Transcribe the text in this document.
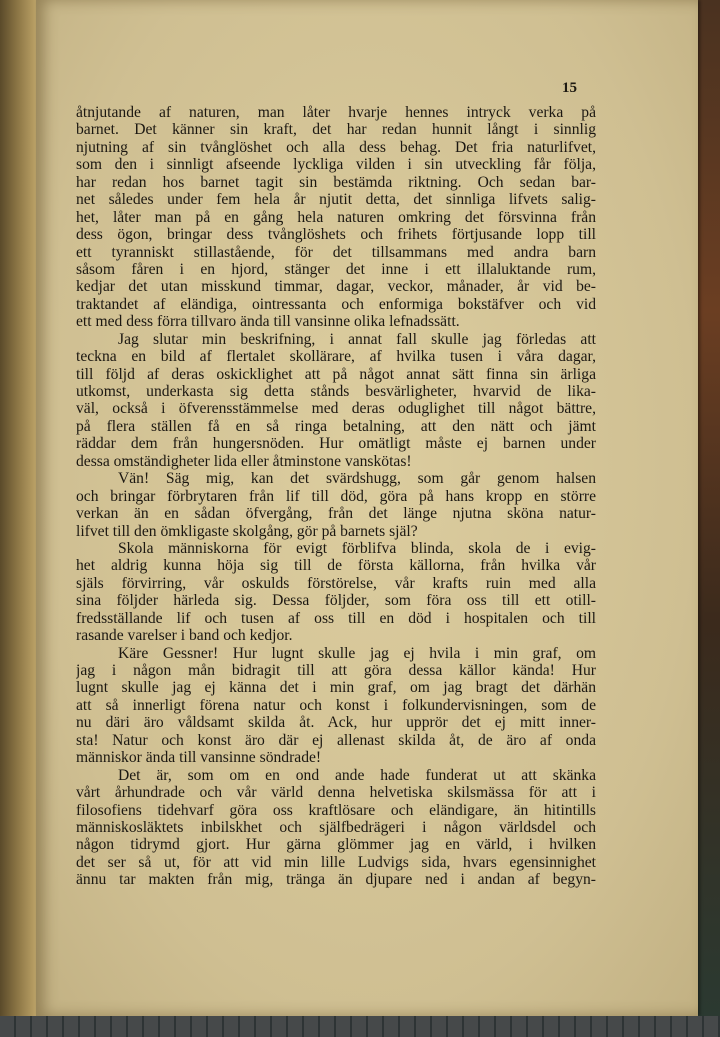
15
åtnjutande af naturen, man låter hvarje hennes intryck verka på
barnet. Det känner sin kraft, det har redan hunnit långt i sinnlig
njutning af sin tvånglöshet och alla dess behag. Det fria naturlifvet,
som den i sinnligt afseende lyckliga vilden i sin utveckling får följa,
har redan hos barnet tagit sin bestämda riktning. Och sedan bar-
net således under fem hela år njutit detta, det sinnliga lifvets salig-
het, låter man på en gång hela naturen omkring det försvinna från
dess ögon, bringar dess tvånglöshets och frihets förtjusande lopp till
ett tyranniskt stillastående, för det tillsammans med andra barn
såsom fåren i en hjord, stänger det inne i ett illaluktande rum,
kedjar det utan misskund timmar, dagar, veckor, månader, år vid be-
traktandet af eländiga, ointressanta och enformiga bokstäfver och vid
ett med dess förra tillvaro ända till vansinne olika lefnadssätt.
Jag slutar min beskrifning, i annat fall skulle jag förledas att
teckna en bild af flertalet skollärare, af hvilka tusen i våra dagar,
till följd af deras oskicklighet att på något annat sätt finna sin ärliga
utkomst, underkasta sig detta stånds besvärligheter, hvarvid de lika-
väl, också i öfverensstämmelse med deras oduglighet till något bättre,
på flera ställen få en så ringa betalning, att den nätt och jämt
räddar dem från hungersnöden. Hur omätligt måste ej barnen under
dessa omständigheter lida eller åtminstone vanskötas!
Vän! Säg mig, kan det svärdshugg, som går genom halsen
och bringar förbrytaren från lif till död, göra på hans kropp en större
verkan än en sådan öfvergång, från det länge njutna sköna natur-
lifvet till den ömkligaste skolgång, gör på barnets själ?
Skola människorna för evigt förblifva blinda, skola de i evig-
het aldrig kunna höja sig till de första källorna, från hvilka vår
själs förvirring, vår oskulds förstörelse, vår krafts ruin med alla
sina följder härleda sig. Dessa följder, som föra oss till ett otill-
fredsställande lif och tusen af oss till en död i hospitalen och till
rasande varelser i band och kedjor.
Käre Gessner! Hur lugnt skulle jag ej hvila i min graf, om
jag i någon mån bidragit till att göra dessa källor kända! Hur
lugnt skulle jag ej känna det i min graf, om jag bragt det därhän
att så innerligt förena natur och konst i folkundervisningen, som de
nu däri äro våldsamt skilda åt. Ack, hur upprör det ej mitt inner-
sta! Natur och konst äro där ej allenast skilda åt, de äro af onda
människor ända till vansinne söndrade!
Det är, som om en ond ande hade funderat ut att skänka
vårt århundrade och vår värld denna helvetiska skilsmässa för att i
filosofiens tidehvarf göra oss kraftlösare och eländigare, än hitintills
människosläktets inbilskhet och själfbedrägeri i någon världsdel och
någon tidrymd gjort. Hur gärna glömmer jag en värld, i hvilken
det ser så ut, för att vid min lille Ludvigs sida, hvars egensinnighet
ännu tar makten från mig, tränga än djupare ned i andan af begyn-
